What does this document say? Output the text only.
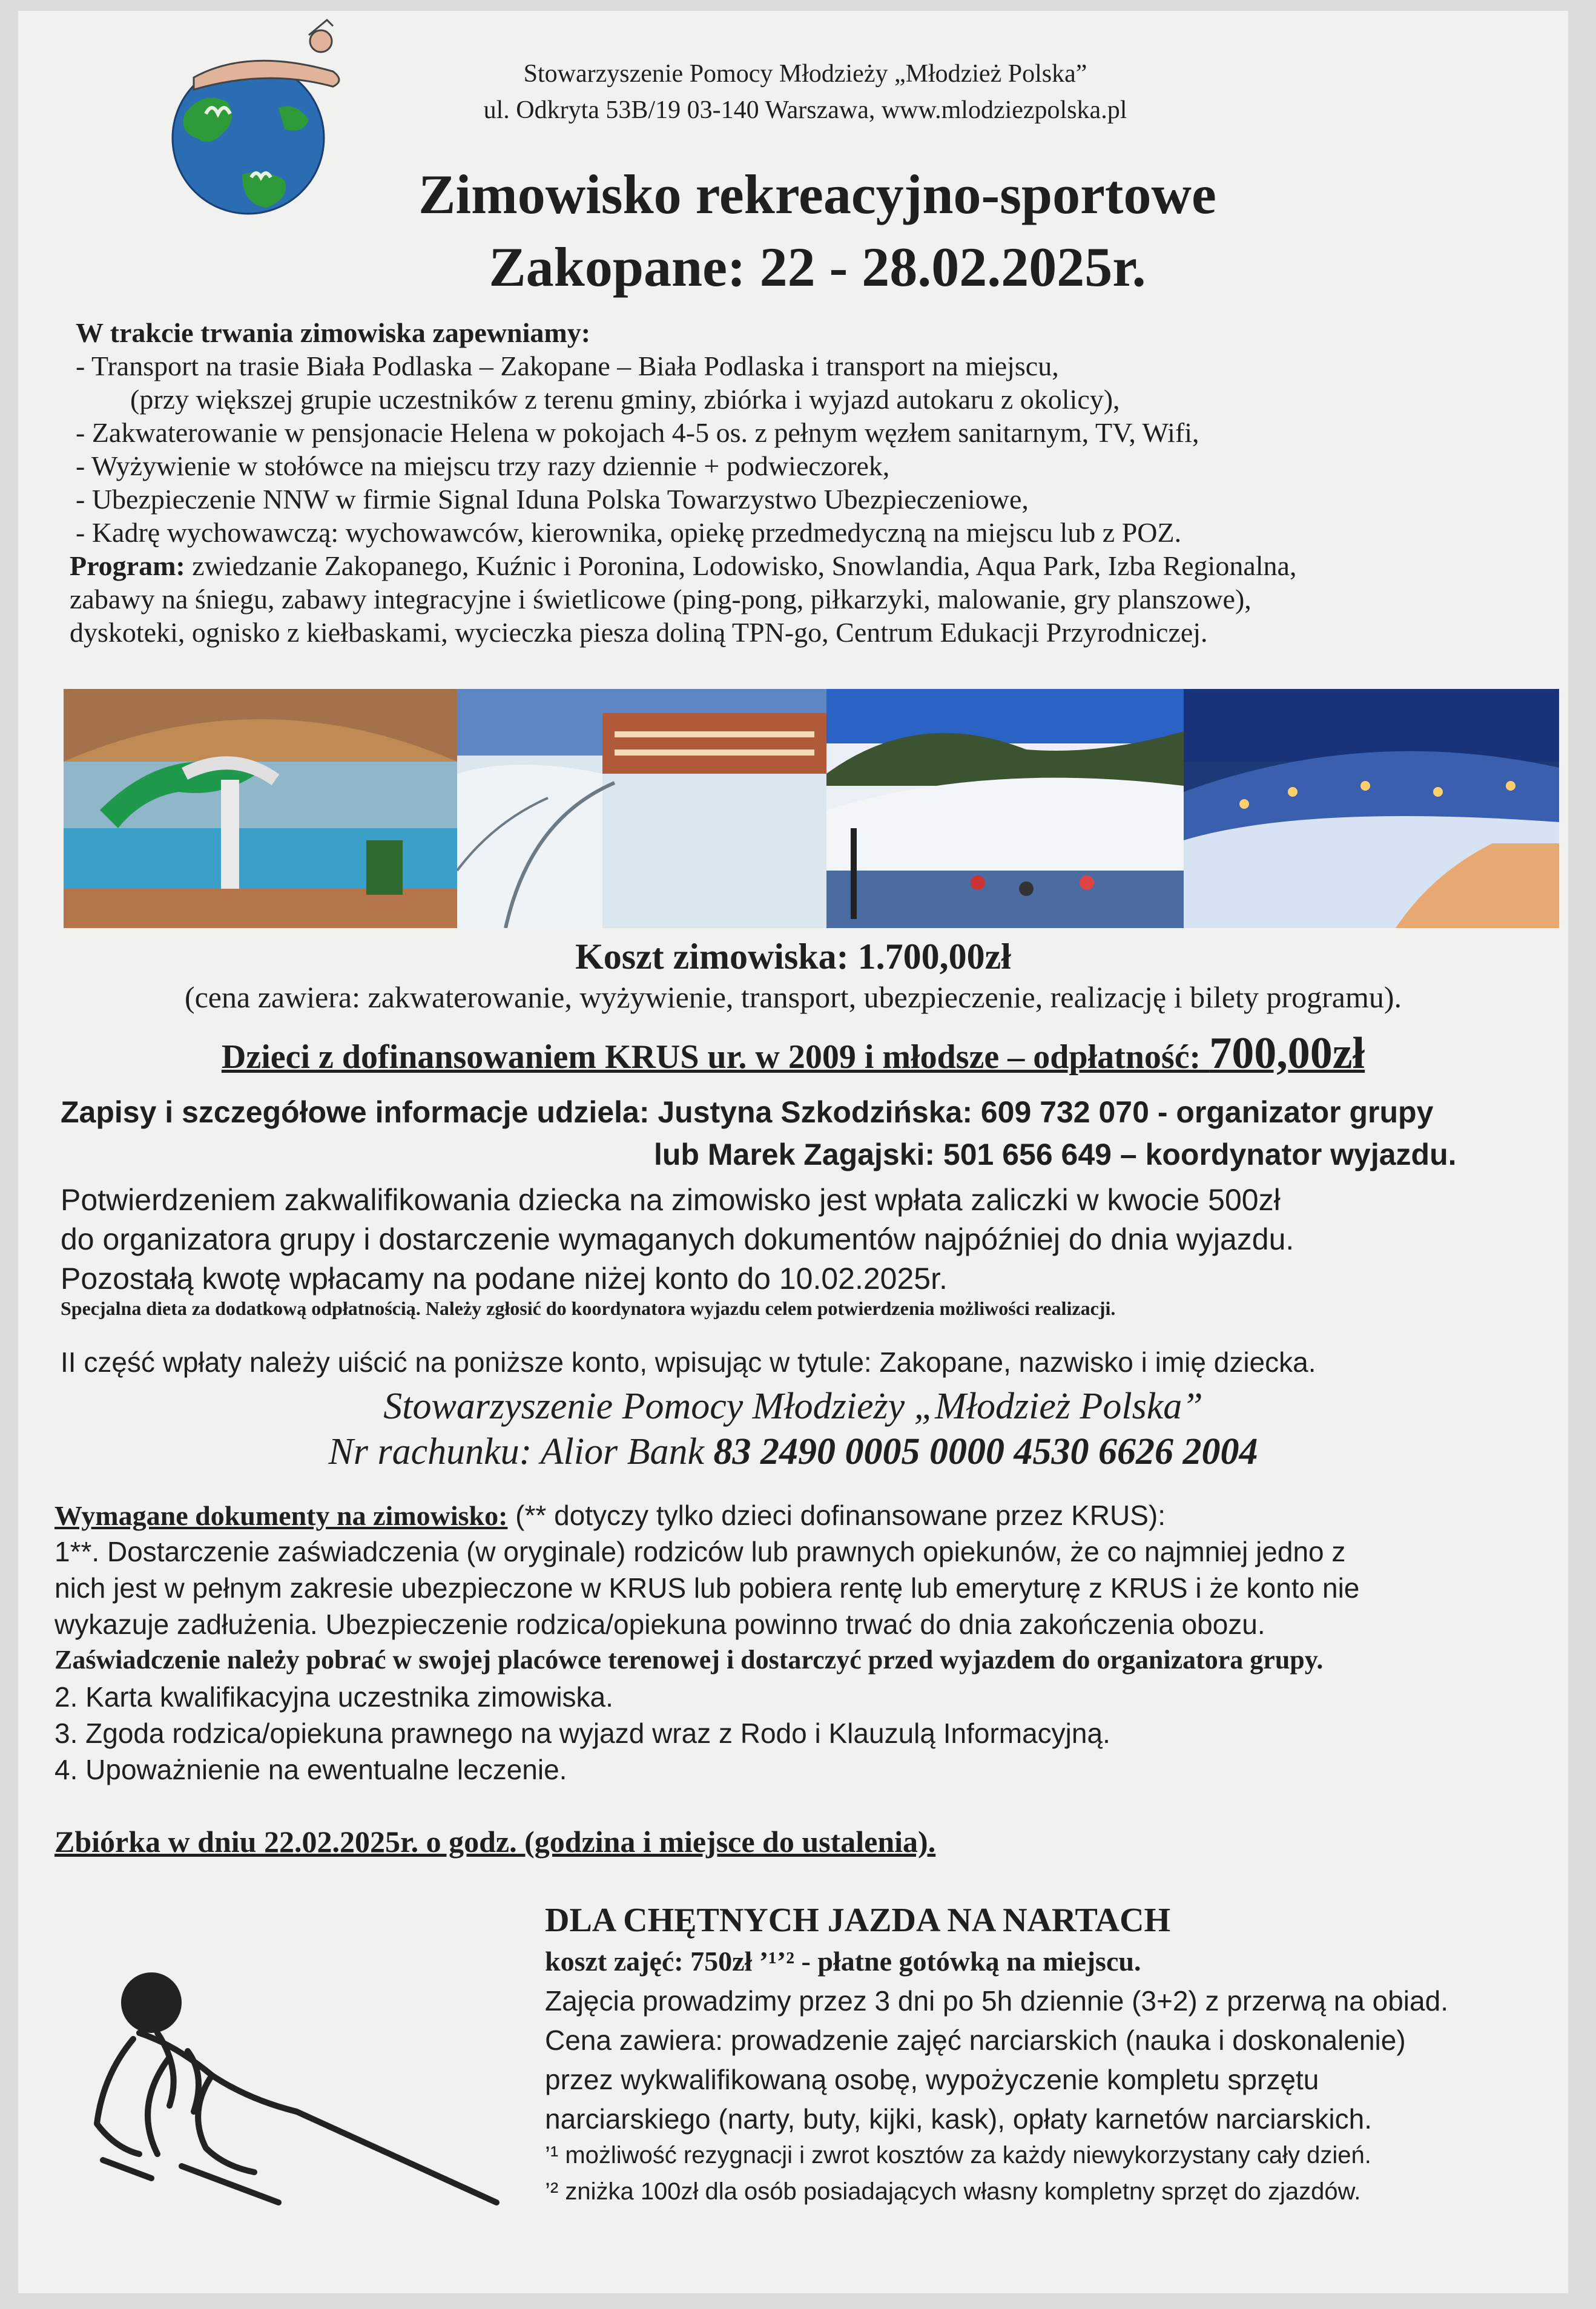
Stowarzyszenie Pomocy Młodzieży „Młodzież Polska”
ul. Odkryta 53B/19 03-140 Warszawa, www.mlodziezpolska.pl
Zimowisko rekreacyjno-sportowe
Zakopane: 22 - 28.02.2025r.
W trakcie trwania zimowiska zapewniamy:
- Transport na trasie Biała Podlaska – Zakopane – Biała Podlaska i transport na miejscu,
(przy większej grupie uczestników z terenu gminy, zbiórka i wyjazd autokaru z okolicy),
- Zakwaterowanie w pensjonacie Helena w pokojach 4-5 os. z pełnym węzłem sanitarnym, TV, Wifi,
- Wyżywienie w stołówce na miejscu trzy razy dziennie + podwieczorek,
- Ubezpieczenie NNW w firmie Signal Iduna Polska Towarzystwo Ubezpieczeniowe,
- Kadrę wychowawczą: wychowawców, kierownika, opiekę przedmedyczną na miejscu lub z POZ.
Program: zwiedzanie Zakopanego, Kuźnic i Poronina, Lodowisko, Snowlandia, Aqua Park, Izba Regionalna,
zabawy na śniegu, zabawy integracyjne i świetlicowe (ping-pong, piłkarzyki, malowanie, gry planszowe),
dyskoteki, ognisko z kiełbaskami, wycieczka piesza doliną TPN-go, Centrum Edukacji Przyrodniczej.
Koszt zimowiska: 1.700,00zł
(cena zawiera: zakwaterowanie, wyżywienie, transport, ubezpieczenie, realizację i bilety programu).
Dzieci z dofinansowaniem KRUS ur. w 2009 i młodsze – odpłatność: 700,00zł
Zapisy i szczegółowe informacje udziela: Justyna Szkodzińska: 609 732 070 - organizator grupy
lub Marek Zagajski: 501 656 649 – koordynator wyjazdu.
Potwierdzeniem zakwalifikowania dziecka na zimowisko jest wpłata zaliczki w kwocie 500zł
do organizatora grupy i dostarczenie wymaganych dokumentów najpóźniej do dnia wyjazdu.
Pozostałą kwotę wpłacamy na podane niżej konto do 10.02.2025r.
Specjalna dieta za dodatkową odpłatnością. Należy zgłosić do koordynatora wyjazdu celem potwierdzenia możliwości realizacji.
II część wpłaty należy uiścić na poniższe konto, wpisując w tytule: Zakopane, nazwisko i imię dziecka.
Stowarzyszenie Pomocy Młodzieży „Młodzież Polska”
Nr rachunku: Alior Bank 83 2490 0005 0000 4530 6626 2004
Wymagane dokumenty na zimowisko: (** dotyczy tylko dzieci dofinansowane przez KRUS):
1**. Dostarczenie zaświadczenia (w oryginale) rodziców lub prawnych opiekunów, że co najmniej jedno z
nich jest w pełnym zakresie ubezpieczone w KRUS lub pobiera rentę lub emeryturę z KRUS i że konto nie
wykazuje zadłużenia. Ubezpieczenie rodzica/opiekuna powinno trwać do dnia zakończenia obozu.
Zaświadczenie należy pobrać w swojej placówce terenowej i dostarczyć przed wyjazdem do organizatora grupy.
2. Karta kwalifikacyjna uczestnika zimowiska.
3. Zgoda rodzica/opiekuna prawnego na wyjazd wraz z Rodo i Klauzulą Informacyjną.
4. Upoważnienie na ewentualne leczenie.
Zbiórka w dniu 22.02.2025r. o godz. (godzina i miejsce do ustalenia).
DLA CHĘTNYCH JAZDA NA NARTACH
koszt zajęć: 750zł ’¹’² - płatne gotówką na miejscu.
Zajęcia prowadzimy przez 3 dni po 5h dziennie (3+2) z przerwą na obiad.
Cena zawiera: prowadzenie zajęć narciarskich (nauka i doskonalenie)
przez wykwalifikowaną osobę, wypożyczenie kompletu sprzętu
narciarskiego (narty, buty, kijki, kask), opłaty karnetów narciarskich.
’¹ możliwość rezygnacji i zwrot kosztów za każdy niewykorzystany cały dzień.
’² zniżka 100zł dla osób posiadających własny kompletny sprzęt do zjazdów.
